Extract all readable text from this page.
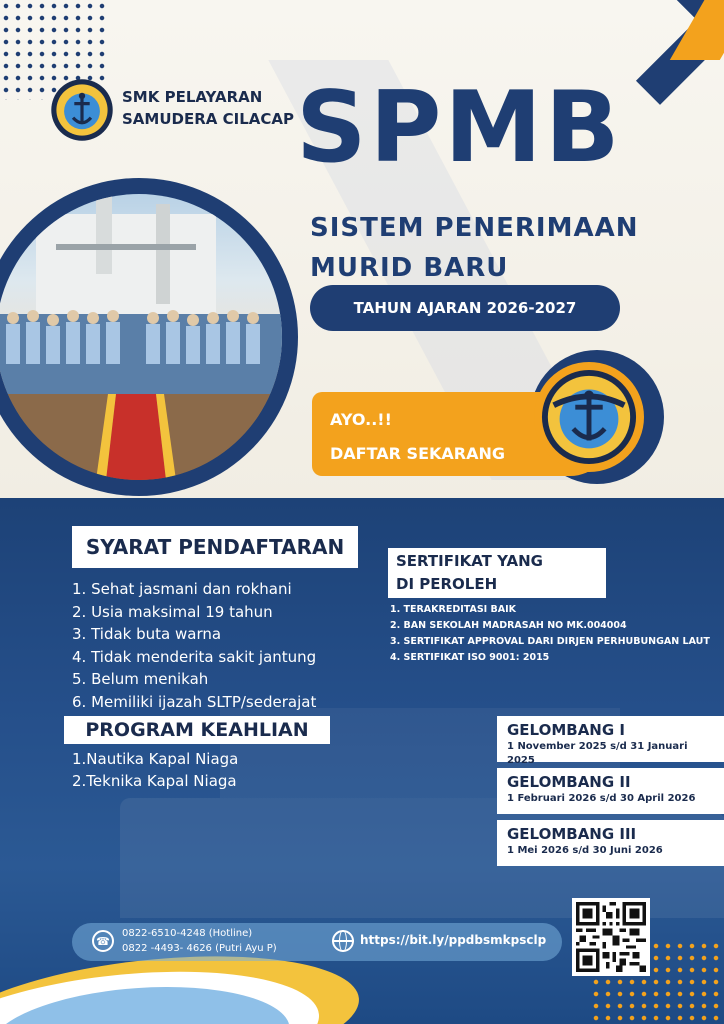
SMK PELAYARAN
SAMUDERA CILACAP SPMB
SISTEM PENERIMAAN
MURID BARU
TAHUN AJARAN 2026-2027
AYO..!!
DAFTAR SEKARANG
SYARAT PENDAFTARAN
1. Sehat jasmani dan rokhani
2. Usia maksimal 19 tahun
3. Tidak buta warna
4. Tidak menderita sakit jantung
5. Belum menikah
6. Memiliki ijazah SLTP/sederajat
PROGRAM KEAHLIAN
1.Nautika Kapal Niaga
2.Teknika Kapal Niaga
SERTIFIKAT YANG
DI PEROLEH
1. TERAKREDITASI BAIK
2. BAN SEKOLAH MADRASAH NO MK.004004
3. SERTIFIKAT APPROVAL DARI DIRJEN PERHUBUNGAN LAUT
4. SERTIFIKAT ISO 9001: 2015
GELOMBANG I
1 November 2025 s/d 31 Januari 2025
GELOMBANG II
1 Februari 2026 s/d 30 April 2026
GELOMBANG III
1 Mei 2026 s/d 30 Juni 2026
☎
0822-6510-4248 (Hotline)
0822 -4493- 4626 (Putri Ayu P)
https://bit.ly/ppdbsmkpsclp
